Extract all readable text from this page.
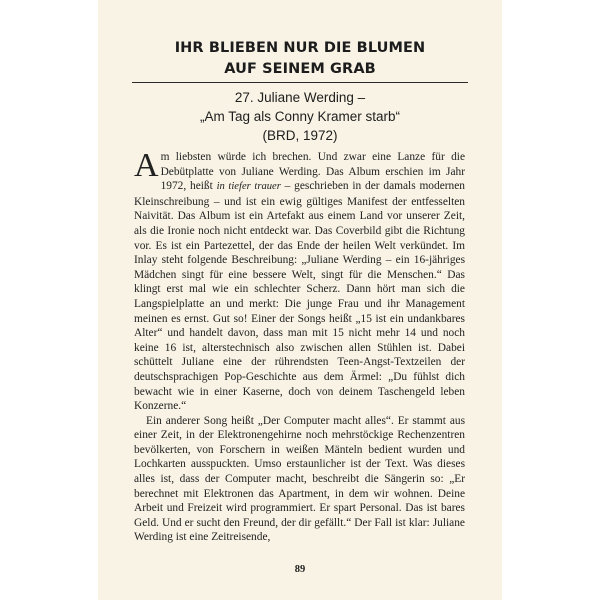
IHR BLIEBEN NUR DIE BLUMEN
AUF SEINEM GRAB
27. Juliane Werding –
„Am Tag als Conny Kramer starb“
(BRD, 1972)

Am liebsten würde ich brechen. Und zwar eine Lanze für die Debütplatte von Juliane Werding. Das Album erschien im Jahr 1972, heißt in tiefer trauer – geschrieben in der damals modernen Kleinschreibung – und ist ein ewig gültiges Manifest der entfesselten Naivität. Das Album ist ein Artefakt aus einem Land vor unserer Zeit, als die Ironie noch nicht entdeckt war. Das Coverbild gibt die Richtung vor. Es ist ein Partezettel, der das Ende der heilen Welt verkündet. Im Inlay steht folgende Beschreibung: „Juliane Werding – ein 16-jähriges Mädchen singt für eine bessere Welt, singt für die Menschen.“ Das klingt erst mal wie ein schlechter Scherz. Dann hört man sich die Langspielplatte an und merkt: Die junge Frau und ihr Management meinen es ernst. Gut so! Einer der Songs heißt „15 ist ein undankbares Alter“ und handelt davon, dass man mit 15 nicht mehr 14 und noch keine 16 ist, alterstechnisch also zwischen allen Stühlen ist. Dabei schüttelt Juliane eine der rührendsten Teen-Angst-Textzeilen der deutschsprachigen Pop-Geschichte aus dem Ärmel: „Du fühlst dich bewacht wie in einer Kaserne, doch von deinem Taschengeld leben Konzerne.“

Ein anderer Song heißt „Der Computer macht alles“. Er stammt aus einer Zeit, in der Elektronengehirne noch mehrstöckige Rechenzentren bevölkerten, von Forschern in weißen Mänteln bedient wurden und Lochkarten ausspuckten. Umso erstaunlicher ist der Text. Was dieses alles ist, dass der Computer macht, beschreibt die Sängerin so: „Er berechnet mit Elektronen das Apartment, in dem wir wohnen. Deine Arbeit und Freizeit wird programmiert. Er spart Personal. Das ist bares Geld. Und er sucht den Freund, der dir gefällt.“ Der Fall ist klar: Juliane Werding ist eine Zeitreisende,

89
